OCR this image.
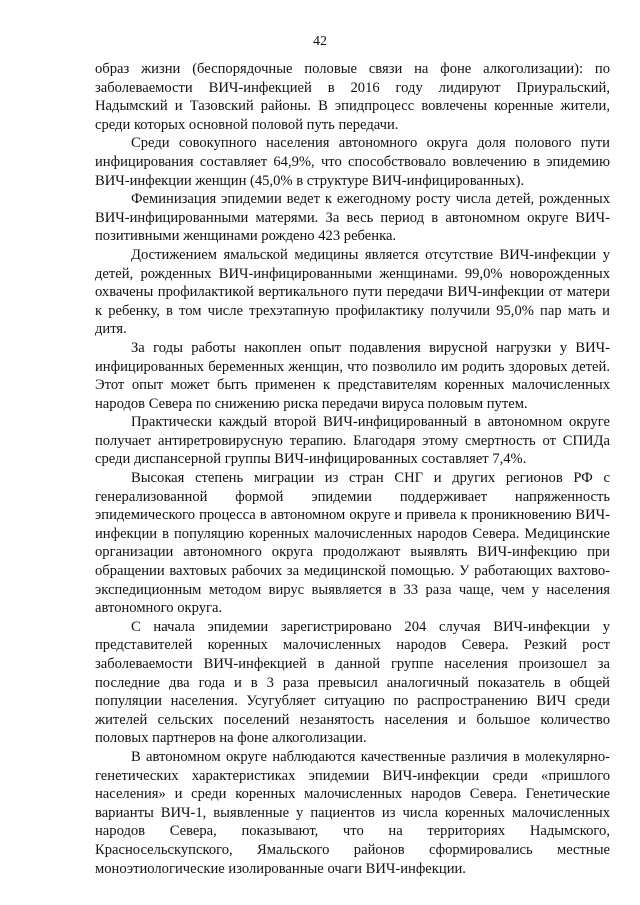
42

образ жизни (беспорядочные половые связи на фоне алкоголизации): по заболеваемости ВИЧ-инфекцией в 2016 году лидируют Приуральский, Надымский и Тазовский районы. В эпидпроцесс вовлечены коренные жители, среди которых основной половой путь передачи.

Среди совокупного населения автономного округа доля полового пути инфицирования составляет 64,9%, что способствовало вовлечению в эпидемию ВИЧ-инфекции женщин (45,0% в структуре ВИЧ-инфицированных).

Феминизация эпидемии ведет к ежегодному росту числа детей, рожденных ВИЧ-инфицированными матерями. За весь период в автономном округе ВИЧ-позитивными женщинами рождено 423 ребенка.

Достижением ямальской медицины является отсутствие ВИЧ-инфекции у детей, рожденных ВИЧ-инфицированными женщинами. 99,0% новорожденных охвачены профилактикой вертикального пути передачи ВИЧ-инфекции от матери к ребенку, в том числе трехэтапную профилактику получили 95,0% пар мать и дитя.

За годы работы накоплен опыт подавления вирусной нагрузки у ВИЧ-инфицированных беременных женщин, что позволило им родить здоровых детей. Этот опыт может быть применен к представителям коренных малочисленных народов Севера по снижению риска передачи вируса половым путем.

Практически каждый второй ВИЧ-инфицированный в автономном округе получает антиретровирусную терапию. Благодаря этому смертность от СПИДа среди диспансерной группы ВИЧ-инфицированных составляет 7,4%.

Высокая степень миграции из стран СНГ и других регионов РФ с генерализованной формой эпидемии поддерживает напряженность эпидемического процесса в автономном округе и привела к проникновению ВИЧ-инфекции в популяцию коренных малочисленных народов Севера. Медицинские организации автономного округа продолжают выявлять ВИЧ-инфекцию при обращении вахтовых рабочих за медицинской помощью. У работающих вахтово-экспедиционным методом вирус выявляется в 33 раза чаще, чем у населения автономного округа.

С начала эпидемии зарегистрировано 204 случая ВИЧ-инфекции у представителей коренных малочисленных народов Севера. Резкий рост заболеваемости ВИЧ-инфекцией в данной группе населения произошел за последние два года и в 3 раза превысил аналогичный показатель в общей популяции населения. Усугубляет ситуацию по распространению ВИЧ среди жителей сельских поселений незанятость населения и большое количество половых партнеров на фоне алкоголизации.

В автономном округе наблюдаются качественные различия в молекулярно-генетических характеристиках эпидемии ВИЧ-инфекции среди «пришлого населения» и среди коренных малочисленных народов Севера. Генетические варианты ВИЧ-1, выявленные у пациентов из числа коренных малочисленных народов Севера, показывают, что на территориях Надымского, Красносельскупского, Ямальского районов сформировались местные моноэтиологические изолированные очаги ВИЧ-инфекции.
